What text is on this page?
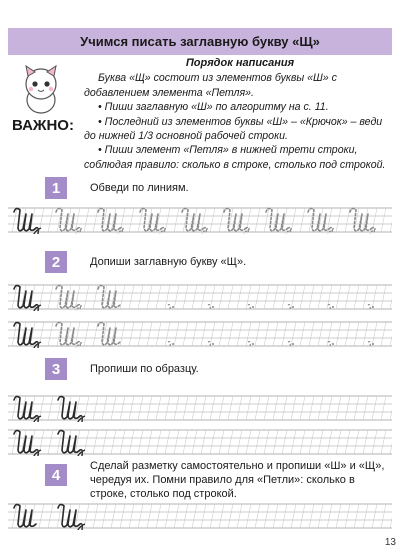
Учимся писать заглавную букву «Щ»
ВАЖНО:
Порядок написания

Буква «Щ» состоит из элементов буквы «Ш» с добавлением элемента «Петля».

• Пиши заглавную «Ш» по алгоритму на с. 11.

• Последний из элементов буквы «Ш» – «Крючок» – веди до нижней 1/3 основной рабочей строки.

• Пиши элемент «Петля» в нижней трети строки, соблюдая правило: сколько в строке, столько под строкой.

1	Обведи по линиям.
2	Допиши заглавную букву «Щ».
3	Пропиши по образцу.
4
Сделай разметку самостоятельно и пропиши «Ш» и «Щ», чередуя их. Помни правило для «Петли»: сколько в строке, столько под строкой.
13
